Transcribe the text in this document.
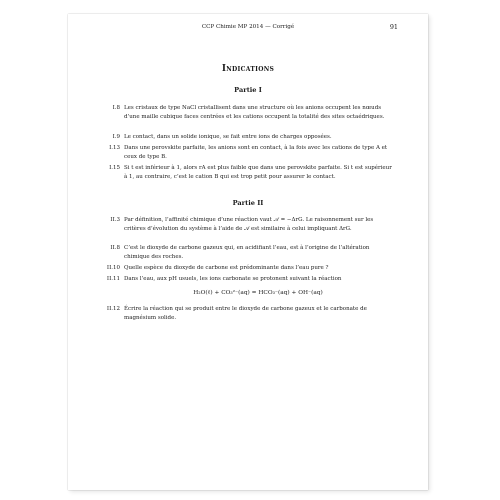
CCP Chimie MP 2014 — Corrigé	91
Indications
Partie I
I.8 Les cristaux de type NaCl cristallisent dans une structure où les anions occupent les nœuds d’une maille cubique faces centrées et les cations occupent la totalité des sites octaédriques.
I.9 Le contact, dans un solide ionique, se fait entre ions de charges opposées.
I.13 Dans une perovskite parfaite, les anions sont en contact, à la fois avec les cations de type A et ceux de type B.
I.15 Si t est inférieur à 1, alors rA est plus faible que dans une perovskite parfaite. Si t est supérieur à 1, au contraire, c’est le cation B qui est trop petit pour assurer le contact.
Partie II
II.3 Par définition, l’affinité chimique d’une réaction vaut 𝒜 = −ΔrG. Le raisonnement sur les critères d’évolution du système à l’aide de 𝒜 est similaire à celui impliquant ΔrG.
II.8 C’est le dioxyde de carbone gazeux qui, en acidifiant l’eau, est à l’origine de l’altération chimique des roches.
II.10 Quelle espèce du dioxyde de carbone est prédominante dans l’eau pure ?
II.11 Dans l’eau, aux pH usuels, les ions carbonate se protonent suivant la réaction
H₂O(ℓ) + CO₃²⁻(aq) = HCO₃⁻(aq) + OH⁻(aq)
II.12 Écrire la réaction qui se produit entre le dioxyde de carbone gazeux et le carbonate de magnésium solide.
